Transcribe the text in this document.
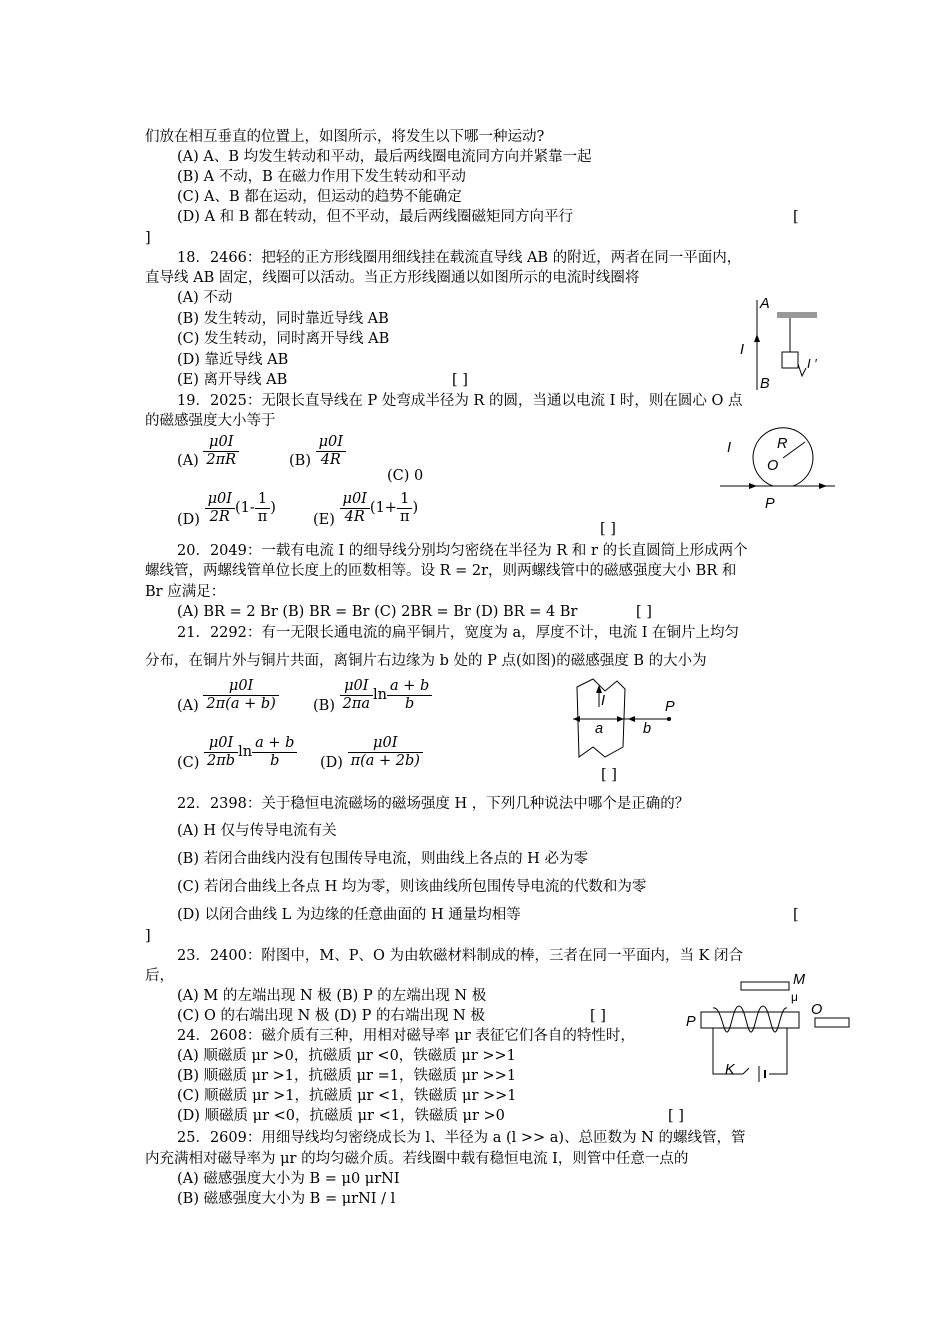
们放在相互垂直的位置上，如图所示，将发生以下哪一种运动?
(A) A、B 均发生转动和平动，最后两线圈电流同方向并紧靠一起
(B) A 不动，B 在磁力作用下发生转动和平动
(C) A、B 都在运动，但运动的趋势不能确定
(D) A 和 B 都在转动，但不平动，最后两线圈磁矩同方向平行	[
]
18．2466：把轻的正方形线圈用细线挂在载流直导线 AB 的附近，两者在同一平面内，
直导线 AB 固定，线圈可以活动。当正方形线圈通以如图所示的电流时线圈将
(A) 不动
(B) 发生转动，同时靠近导线 AB
(C) 发生转动，同时离开导线 AB
(D) 靠近导线 AB
(E) 离开导线 AB	[ ]
19．2025：无限长直导线在 P 处弯成半径为 R 的圆，当通以电流 I 时，则在圆心 O 点
的磁感强度大小等于
$(A) \frac{\mu 0I}{2\pi R}$	$(B) \frac{\mu 0I}{4R}$
(C) 0
$(D) \frac{\mu 0I}{2R} (1- \frac{1}{\pi}$ )
$(E) \frac{\mu 0I}{4R} (1+ \frac{1}{\pi}$ )
[ ]
20．2049：一载有电流 I 的细导线分别均匀密绕在半径为 R 和 r 的长直圆筒上形成两个
螺线管，两螺线管单位长度上的匝数相等。设 R = 2r，则两螺线管中的磁感强度大小 BR 和
Br 应满足：
(A) BR = 2 Br (B) BR = Br (C) 2BR = Br (D) BR = 4 Br	[ ]
21．2292：有一无限长通电流的扁平铜片，宽度为 a，厚度不计，电流 I 在铜片上均匀
分布，在铜片外与铜片共面，离铜片右边缘为 b 处的 P 点(如图)的磁感强度 B 的大小为
$(A) \frac{\mu 0I}{2\pi(a + b)} (B) \frac{\mu 0I}{2\pi a}$ $\ln \frac{a + b}{b}$
$(C) \frac{\mu 0I}{2\pi b}$ $\ln \frac{a + b}{b} (D) \frac{\mu 0I}{\pi(a + 2b)}$
[ ]
22．2398：关于稳恒电流磁场的磁场强度 H ，下列几种说法中哪个是正确的？
(A) H 仅与传导电流有关
(B) 若闭合曲线内没有包围传导电流，则曲线上各点的 H 必为零
(C) 若闭合曲线上各点 H 均为零，则该曲线所包围传导电流的代数和为零
(D) 以闭合曲线 L 为边缘的任意曲面的 H 通量均相等	[
]
23．2400：附图中，M、P、O 为由软磁材料制成的棒，三者在同一平面内，当 K 闭合
后，
(A) M 的左端出现 N 极 (B) P 的左端出现 N 极
(C) O 的右端出现 N 极 (D) P 的右端出现 N 极	[ ]
24．2608：磁介质有三种，用相对磁导率 μr 表征它们各自的特性时，
(A) 顺磁质 μr >0，抗磁质 μr <0，铁磁质 μr >>1
(B) 顺磁质 μr >1，抗磁质 μr =1，铁磁质 μr >>1
(C) 顺磁质 μr >1，抗磁质 μr <1，铁磁质 μr >>1
(D) 顺磁质 μr <0，抗磁质 μr <1，铁磁质 μr >0	[ ]
25．2609：用细导线均匀密绕成长为 l、半径为 a (l >> a)、总匝数为 N 的螺线管，管
内充满相对磁导率为 μr 的均匀磁介质。若线圈中载有稳恒电流 I，则管中任意一点的
(A) 磁感强度大小为 B = μ0 μrNI
(B) 磁感强度大小为 B = μrNI / l
A
B
I
I ′
I	R
O
P
I
a	b
P
M
μ
P
O
K
